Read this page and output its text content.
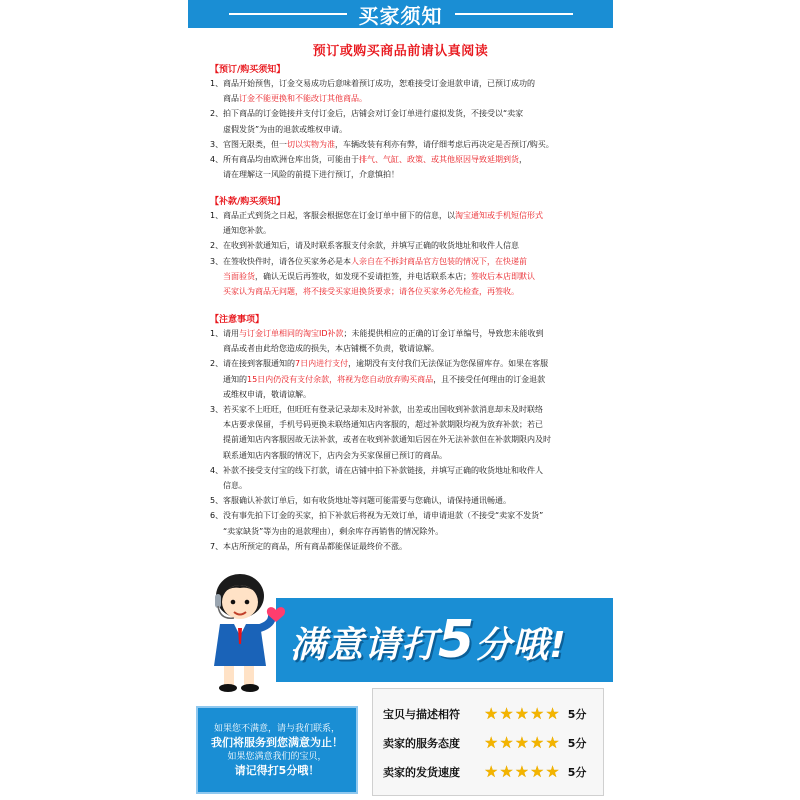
买家须知
预订或购买商品前请认真阅读
【预订/购买须知】
1、 商品开始预售，订金交易成功后意味着预订成功，恕难接受订金退款申请，已预订成功的
商品订金不能更换和不能改订其他商品。
2、 拍下商品的订金链接并支付订金后，店铺会对订金订单进行虚拟发货，不接受以“卖家
虚假发货”为由的退款或维权申请。
3、 官图无限类，但一切以实物为准，车辆改装有利亦有弊，请仔细考虑后再决定是否预订/购买。
4、 所有商品均由欧洲仓库出货，可能由于排气、气缸、政策、或其他原因导致延期到货，
请在理解这一风险的前提下进行预订，介意慎拍！
【补款/购买须知】
1、 商品正式到货之日起，客服会根据您在订金订单中留下的信息，以淘宝通知或手机短信形式
通知您补款。
2、 在收到补款通知后，请及时联系客服支付余款，并填写正确的收货地址和收件人信息
3、 在签收快件时，请各位买家务必是本人亲自在不拆封商品官方包装的情况下，在快递前
当面验货，确认无误后再签收，如发现不妥请拒签，并电话联系本店；签收后本店即默认
买家认为商品无问题，将不接受买家退换货要求；请各位买家务必先检查，再签收。
【注意事项】
1、 请用与订金订单相同的淘宝ID补款；未能提供相应的正确的订金订单编号，导致您未能收到
商品或者由此给您造成的损失，本店铺概不负责，敬请谅解。
2、 请在接到客服通知的7日内进行支付，逾期没有支付我们无法保证为您保留库存。如果在客服
通知的15日内仍没有支付余款，将视为您自动放弃购买商品，且不接受任何理由的订金退款
或维权申请，敬请谅解。
3、 若买家不上旺旺，但旺旺有登录记录却未及时补款，出差或出国收到补款消息却未及时联络
本店要求保留，手机号码更换未联络通知店内客服的，超过补款期限均视为放弃补款；若已
提前通知店内客服因故无法补款，或者在收到补款通知后因在外无法补款但在补款期限内及时
联系通知店内客服的情况下，店内会为买家保留已预订的商品。
4、 补款不接受支付宝的线下打款，请在店铺中拍下补款链接，并填写正确的收货地址和收件人
信息。
5、 客服确认补款订单后，如有收货地址等问题可能需要与您确认，请保持通讯畅通。
6、 没有事先拍下订金的买家，拍下补款后将视为无效订单，请申请退款（不接受“卖家不发货”
“卖家缺货”等为由的退款理由），剩余库存再销售的情况除外。
7、 本店所预定的商品，所有商品都能保证最终价不涨。
满意请打5分哦!
如果您不满意，请与我们联系，
我们将服务到您满意为止！
如果您满意我们的宝贝，
请记得打5分哦！
宝贝与描述相符	★ ★ ★ ★ ★ 5分
卖家的服务态度	★ ★ ★ ★ ★ 5分
卖家的发货速度	★ ★ ★ ★ ★ 5分
